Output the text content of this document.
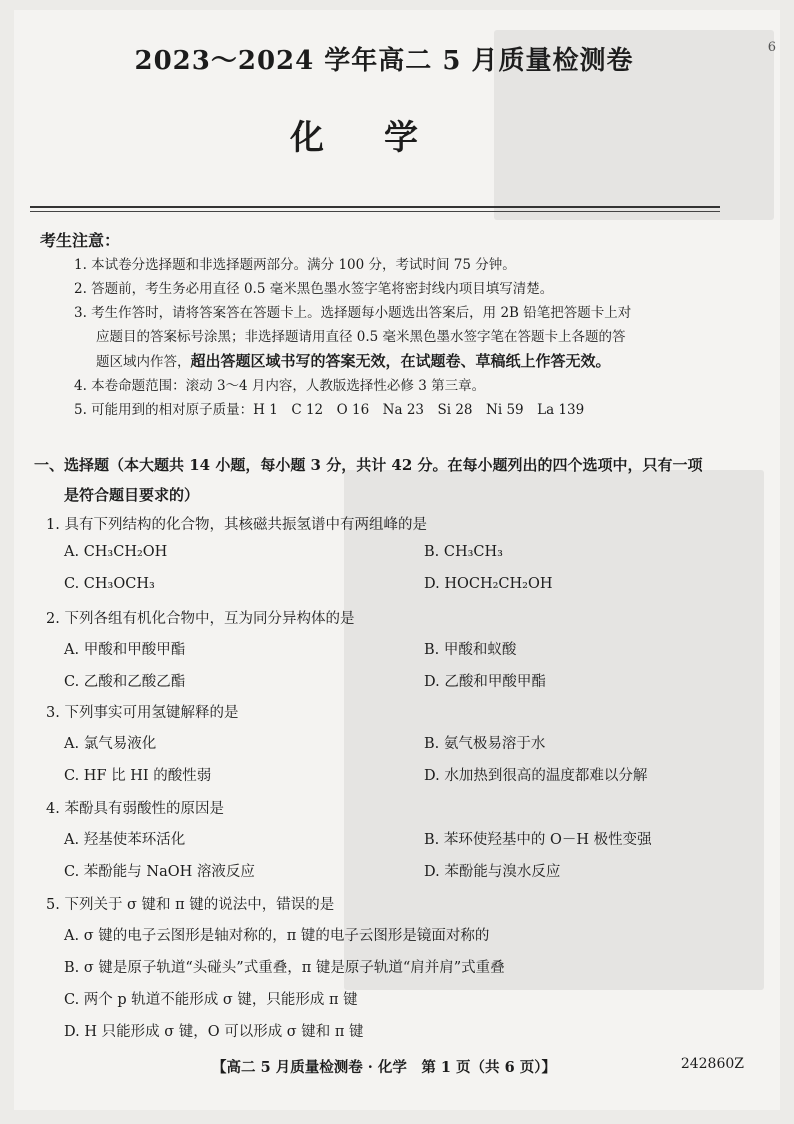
6
2023～2024 学年高二 5 月质量检测卷
化学
考生注意：
1. 本试卷分选择题和非选择题两部分。满分 100 分，考试时间 75 分钟。
2. 答题前，考生务必用直径 0.5 毫米黑色墨水签字笔将密封线内项目填写清楚。
3. 考生作答时，请将答案答在答题卡上。选择题每小题选出答案后，用 2B 铅笔把答题卡上对
应题目的答案标号涂黑；非选择题请用直径 0.5 毫米黑色墨水签字笔在答题卡上各题的答
题区域内作答，超出答题区域书写的答案无效，在试题卷、草稿纸上作答无效。
4. 本卷命题范围：滚动 3～4 月内容，人教版选择性必修 3 第三章。
5. 可能用到的相对原子质量：H 1　C 12　O 16　Na 23　Si 28　Ni 59　La 139
一、选择题（本大题共 14 小题，每小题 3 分，共计 42 分。在每小题列出的四个选项中，只有一项
是符合题目要求的）
1. 具有下列结构的化合物，其核磁共振氢谱中有两组峰的是
A. CH₃CH₂OH	B. CH₃CH₃
C. CH₃OCH₃	D. HOCH₂CH₂OH
2. 下列各组有机化合物中，互为同分异构体的是
A. 甲酸和甲酸甲酯	B. 甲酸和蚁酸
C. 乙酸和乙酸乙酯	D. 乙酸和甲酸甲酯
3. 下列事实可用氢键解释的是
A. 氯气易液化	B. 氨气极易溶于水
C. HF 比 HI 的酸性弱	D. 水加热到很高的温度都难以分解
4. 苯酚具有弱酸性的原因是
A. 羟基使苯环活化	B. 苯环使羟基中的 O－H 极性变强
C. 苯酚能与 NaOH 溶液反应	D. 苯酚能与溴水反应
5. 下列关于 σ 键和 π 键的说法中，错误的是
A. σ 键的电子云图形是轴对称的，π 键的电子云图形是镜面对称的
B. σ 键是原子轨道“头碰头”式重叠，π 键是原子轨道“肩并肩”式重叠
C. 两个 p 轨道不能形成 σ 键，只能形成 π 键
D. H 只能形成 σ 键，O 可以形成 σ 键和 π 键
【高二 5 月质量检测卷 · 化学　第 1 页（共 6 页）】	242860Z
